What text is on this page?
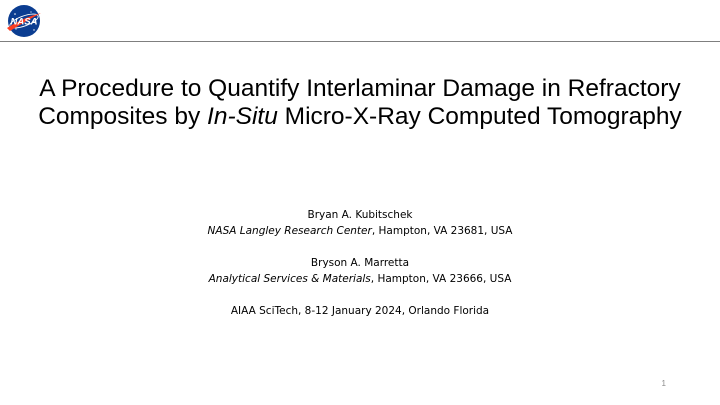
NASA
A Procedure to Quantify Interlaminar Damage in Refractory Composites by In-Situ Micro-X-Ray Computed Tomography
Bryan A. Kubitschek
NASA Langley Research Center, Hampton, VA 23681, USA
Bryson A. Marretta
Analytical Services & Materials, Hampton, VA 23666, USA
AIAA SciTech, 8-12 January 2024, Orlando Florida
1
